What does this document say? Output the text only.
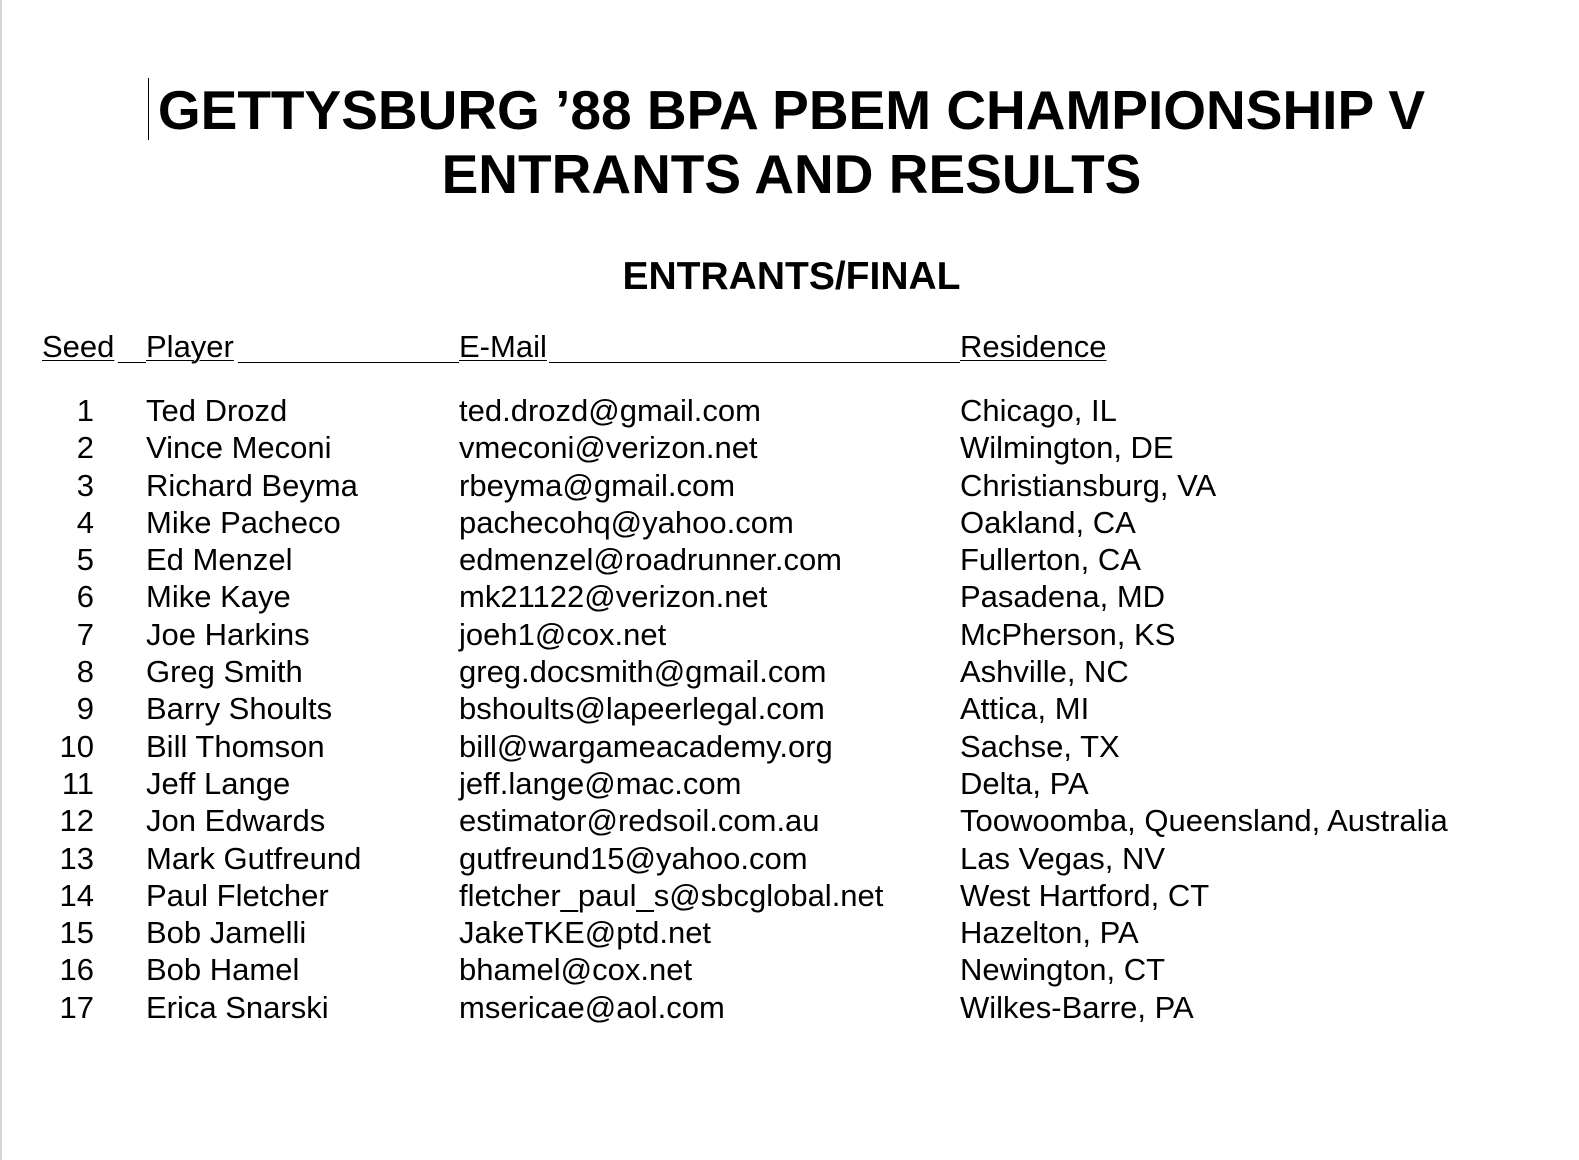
GETTYSBURG ’88 BPA PBEM CHAMPIONSHIP V
ENTRANTS AND RESULTS
ENTRANTS/FINAL
Seed Player	E-Mail	Residence
1 Ted Drozd	ted.drozd@gmail.com	Chicago, IL
2 Vince Meconi	vmeconi@verizon.net	Wilmington, DE
3 Richard Beyma	rbeyma@gmail.com	Christiansburg, VA
4 Mike Pacheco	pachecohq@yahoo.com	Oakland, CA
5 Ed Menzel	edmenzel@roadrunner.com	Fullerton, CA
6 Mike Kaye	mk21122@verizon.net	Pasadena, MD
7 Joe Harkins	joeh1@cox.net	McPherson, KS
8 Greg Smith	greg.docsmith@gmail.com	Ashville, NC
9 Barry Shoults	bshoults@lapeerlegal.com	Attica, MI
10 Bill Thomson	bill@wargameacademy.org	Sachse, TX
11 Jeff Lange	jeff.lange@mac.com	Delta, PA
12 Jon Edwards	estimator@redsoil.com.au	Toowoomba, Queensland, Australia
13 Mark Gutfreund	gutfreund15@yahoo.com	Las Vegas, NV
14 Paul Fletcher	fletcher_paul_s@sbcglobal.net West Hartford, CT
15 Bob Jamelli	JakeTKE@ptd.net	Hazelton, PA
16 Bob Hamel	bhamel@cox.net	Newington, CT
17 Erica Snarski	msericae@aol.com	Wilkes-Barre, PA
